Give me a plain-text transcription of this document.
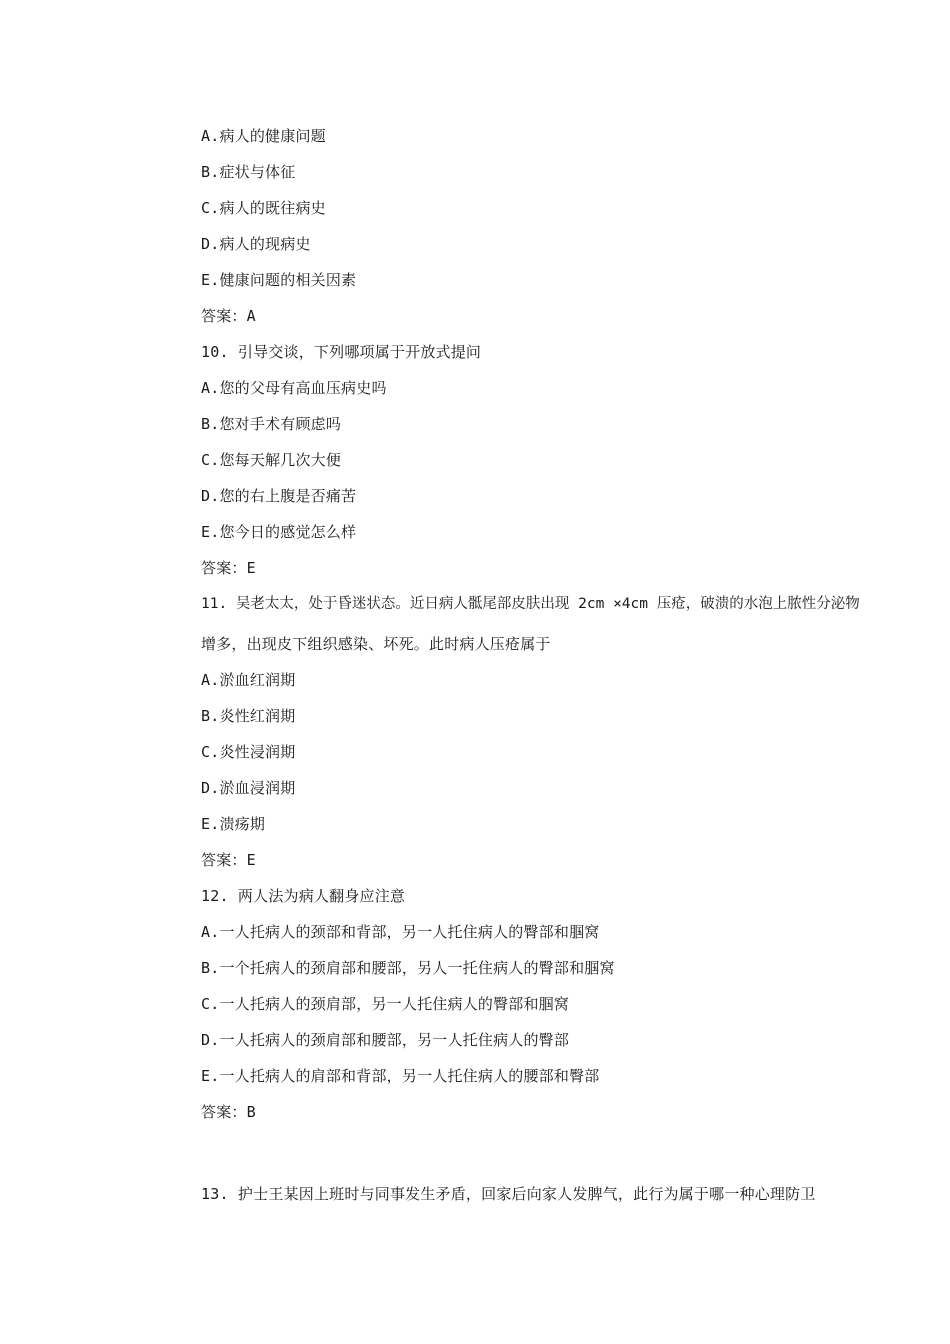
A.病人的健康问题
B.症状与体征
C.病人的既往病史
D.病人的现病史
E.健康问题的相关因素
答案：A
10. 引导交谈，下列哪项属于开放式提问
A.您的父母有高血压病史吗
B.您对手术有顾虑吗
C.您每天解几次大便
D.您的右上腹是否痛苦
E.您今日的感觉怎么样
答案：E
11. 吴老太太，处于昏迷状态。近日病人骶尾部皮肤出现 2cm ×4cm 压疮，破溃的水泡上脓性分泌物
增多，出现皮下组织感染、坏死。此时病人压疮属于
A.淤血红润期
B.炎性红润期
C.炎性浸润期
D.淤血浸润期
E.溃疡期
答案：E
12. 两人法为病人翻身应注意
A.一人托病人的颈部和背部，另一人托住病人的臀部和腘窝
B.一个托病人的颈肩部和腰部，另人一托住病人的臀部和腘窝
C.一人托病人的颈肩部，另一人托住病人的臀部和腘窝
D.一人托病人的颈肩部和腰部，另一人托住病人的臀部
E.一人托病人的肩部和背部，另一人托住病人的腰部和臀部
答案：B
13. 护士王某因上班时与同事发生矛盾，回家后向家人发脾气，此行为属于哪一种心理防卫
